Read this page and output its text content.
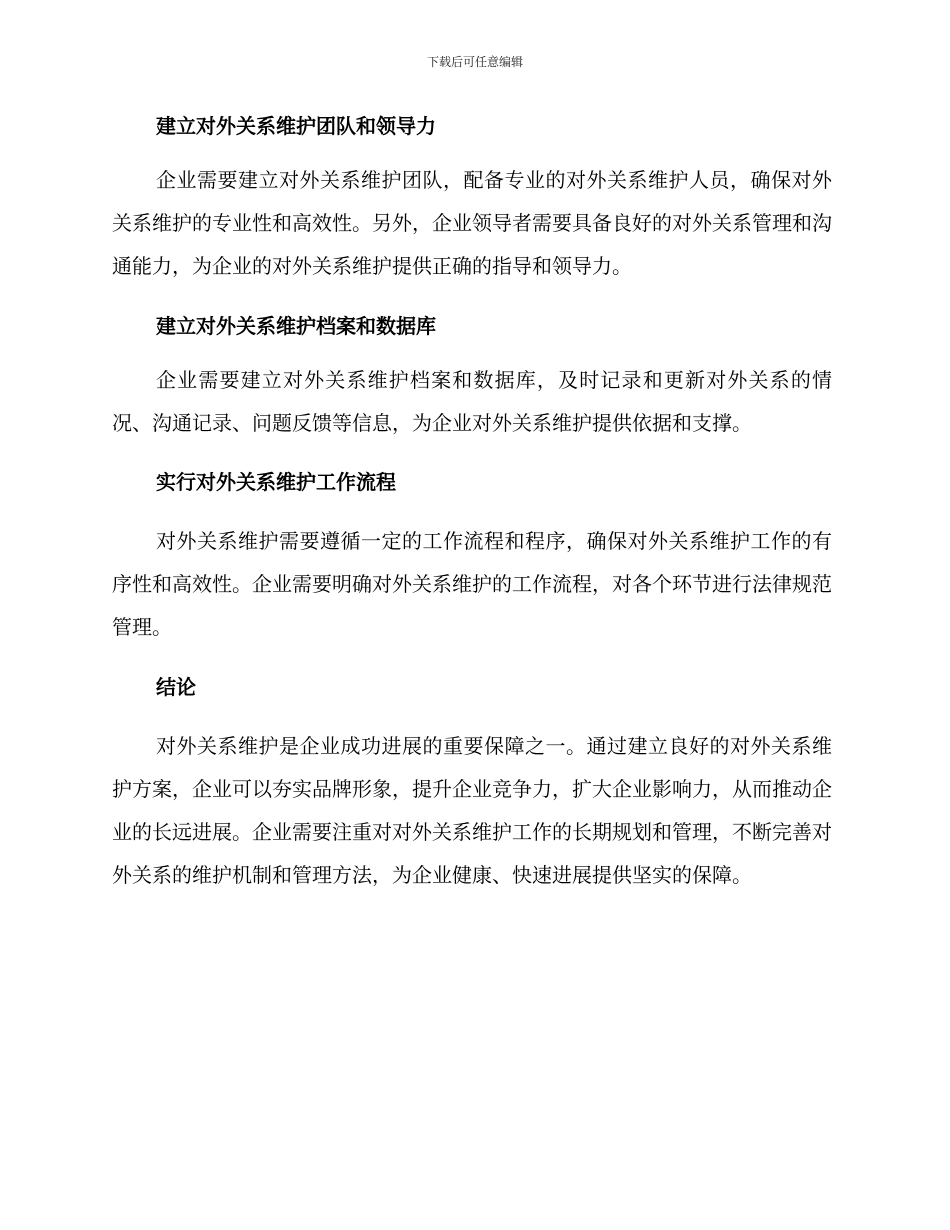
下载后可任意编辑
建立对外关系维护团队和领导力

企业需要建立对外关系维护团队，配备专业的对外关系维护人员，确保对外关系维护的专业性和高效性。另外，企业领导者需要具备良好的对外关系管理和沟通能力，为企业的对外关系维护提供正确的指导和领导力。

建立对外关系维护档案和数据库

企业需要建立对外关系维护档案和数据库，及时记录和更新对外关系的情况、沟通记录、问题反馈等信息，为企业对外关系维护提供依据和支撑。

实行对外关系维护工作流程

对外关系维护需要遵循一定的工作流程和程序，确保对外关系维护工作的有序性和高效性。企业需要明确对外关系维护的工作流程，对各个环节进行法律规范管理。

结论

对外关系维护是企业成功进展的重要保障之一。通过建立良好的对外关系维护方案，企业可以夯实品牌形象，提升企业竞争力，扩大企业影响力，从而推动企业的长远进展。企业需要注重对对外关系维护工作的长期规划和管理，不断完善对外关系的维护机制和管理方法，为企业健康、快速进展提供坚实的保障。
